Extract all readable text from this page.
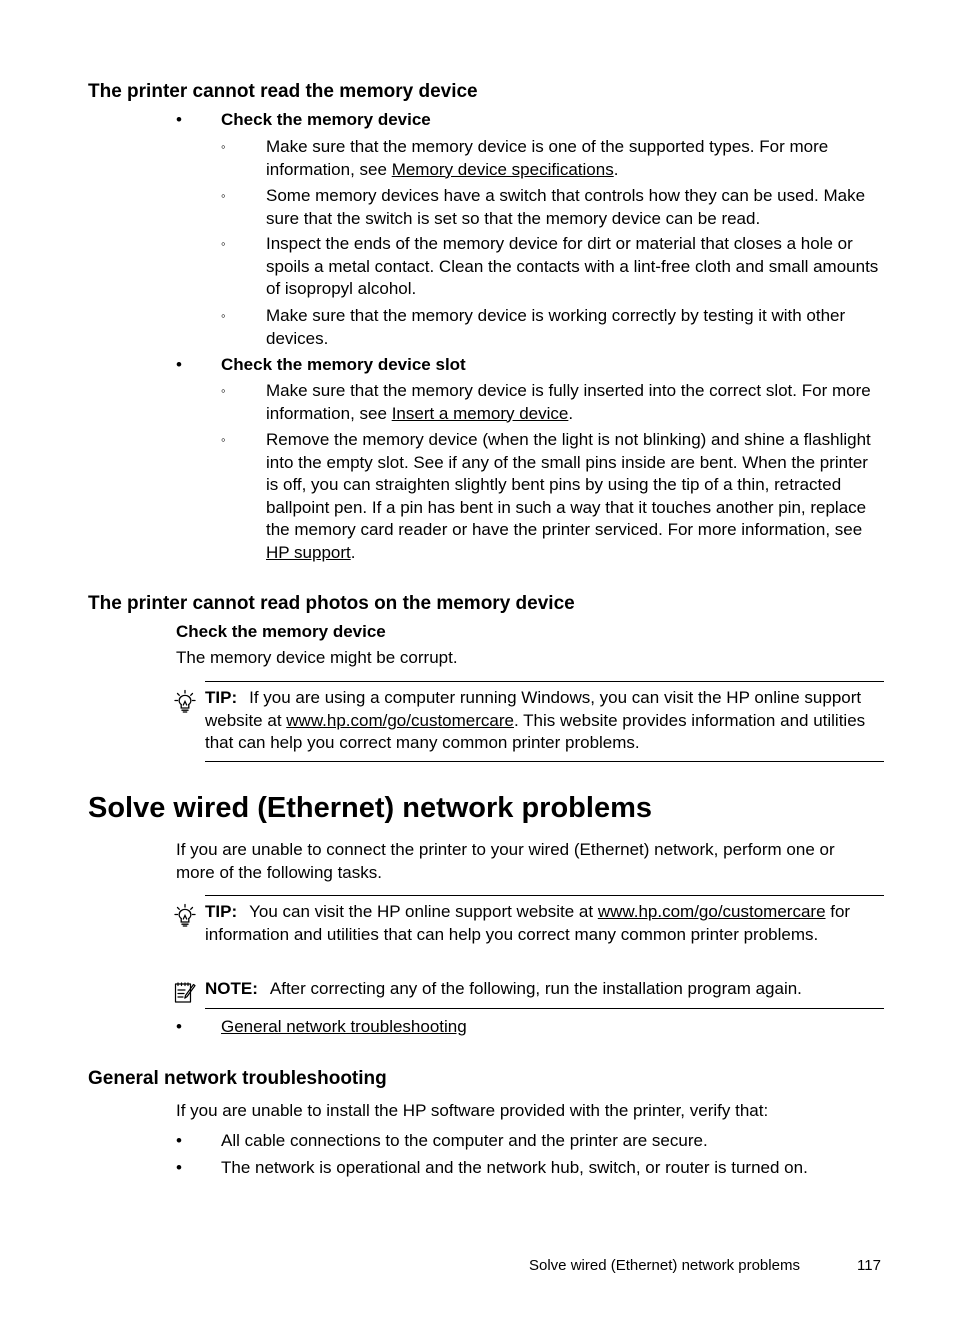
The printer cannot read the memory device
• Check the memory device
◦ Make sure that the memory device is one of the supported types. For more information, see Memory device specifications.
◦ Some memory devices have a switch that controls how they can be used. Make sure that the switch is set so that the memory device can be read.
◦ Inspect the ends of the memory device for dirt or material that closes a hole or spoils a metal contact. Clean the contacts with a lint-free cloth and small amounts of isopropyl alcohol.
◦ Make sure that the memory device is working correctly by testing it with other devices.
• Check the memory device slot
◦ Make sure that the memory device is fully inserted into the correct slot. For more information, see Insert a memory device.
◦ Remove the memory device (when the light is not blinking) and shine a flashlight into the empty slot. See if any of the small pins inside are bent. When the printer is off, you can straighten slightly bent pins by using the tip of a thin, retracted ballpoint pen. If a pin has bent in such a way that it touches another pin, replace the memory card reader or have the printer serviced. For more information, see HP support.
The printer cannot read photos on the memory device
Check the memory device
The memory device might be corrupt.
TIP: If you are using a computer running Windows, you can visit the HP online support website at www.hp.com/go/customercare. This website provides information and utilities that can help you correct many common printer problems.
Solve wired (Ethernet) network problems
If you are unable to connect the printer to your wired (Ethernet) network, perform one or more of the following tasks.
TIP: You can visit the HP online support website at www.hp.com/go/customercare for information and utilities that can help you correct many common printer problems.
NOTE: After correcting any of the following, run the installation program again.
• General network troubleshooting
General network troubleshooting
If you are unable to install the HP software provided with the printer, verify that:
• All cable connections to the computer and the printer are secure.
• The network is operational and the network hub, switch, or router is turned on.
Solve wired (Ethernet) network problems	117
